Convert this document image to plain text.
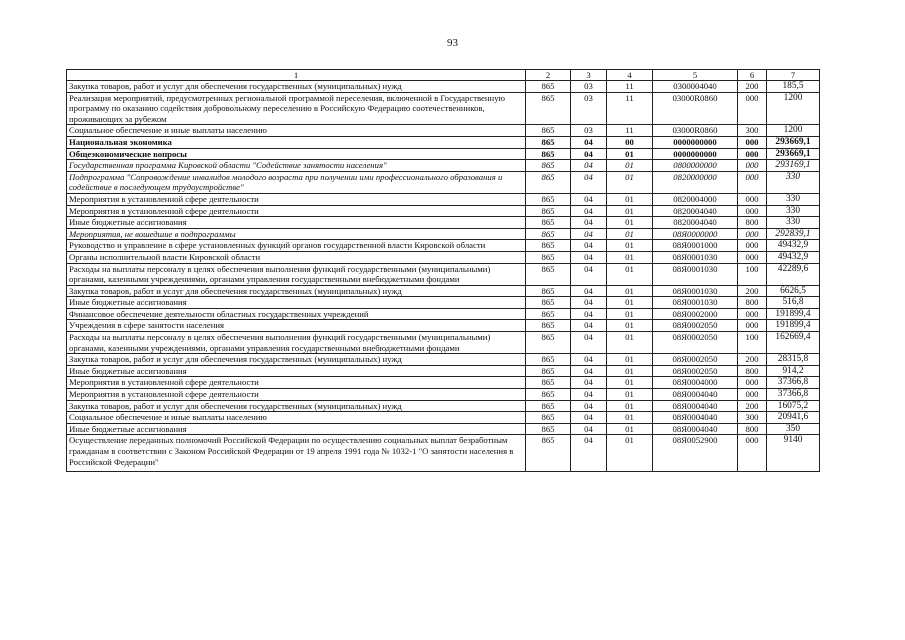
93
1	2	3	4	5	6	7
Закупка товаров, работ и услуг для обеспечения государственных (муниципальных) нужд	865	03	11	0300004040	200	185,5
Реализация мероприятий, предусмотренных региональной программой переселения, включенной в Государственную программу по оказанию содействия добровольному переселению в Российскую Федерацию соотечественников, проживающих за рубежом	865	03	11	03000R0860	000	1200
Социальное обеспечение и иные выплаты населению	865	03	11	03000R0860	300	1200
Национальная экономика	865	04	00	0000000000	000	293669,1
Общеэкономические вопросы	865	04	01	0000000000	000	293669,1
Государственная программа Кировской области "Содействие занятости населения"	865	04	01	0800000000	000	293169,1
Подпрограмма "Сопровождение инвалидов молодого возраста при получении ими профессионального образования и содействие в последующем трудоустройстве"	865	04	01	0820000000	000	330
Мероприятия в установленной сфере деятельности	865	04	01	0820004000	000	330
Мероприятия в установленной сфере деятельности	865	04	01	0820004040	000	330
Иные бюджетные ассигнования	865	04	01	0820004040	800	330
Мероприятия, не вошедшие в подпрограммы	865	04	01	08Я0000000	000	292839,1
Руководство и управление в сфере установленных функций органов государственной власти Кировской области	865	04	01	08Я0001000	000	49432,9
Органы исполнительной власти Кировской области	865	04	01	08Я0001030	000	49432,9
Расходы на выплаты персоналу в целях обеспечения выполнения функций государственными (муниципальными) органами, казенными учреждениями, органами управления государственными внебюджетными фондами	865	04	01	08Я0001030	100	42289,6
Закупка товаров, работ и услуг для обеспечения государственных (муниципальных) нужд	865	04	01	08Я0001030	200	6626,5
Иные бюджетные ассигнования	865	04	01	08Я0001030	800	516,8
Финансовое обеспечение деятельности областных государственных учреждений	865	04	01	08Я0002000	000	191899,4
Учреждения в сфере занятости населения	865	04	01	08Я0002050	000	191899,4
Расходы на выплаты персоналу в целях обеспечения выполнения функций государственными (муниципальными) органами, казенными учреждениями, органами управления государственными внебюджетными фондами	865	04	01	08Я0002050	100	162669,4
Закупка товаров, работ и услуг для обеспечения государственных (муниципальных) нужд	865	04	01	08Я0002050	200	28315,8
Иные бюджетные ассигнования	865	04	01	08Я0002050	800	914,2
Мероприятия в установленной сфере деятельности	865	04	01	08Я0004000	000	37366,8
Мероприятия в установленной сфере деятельности	865	04	01	08Я0004040	000	37366,8
Закупка товаров, работ и услуг для обеспечения государственных (муниципальных) нужд	865	04	01	08Я0004040	200	16075,2
Социальное обеспечение и иные выплаты населению	865	04	01	08Я0004040	300	20941,6
Иные бюджетные ассигнования	865	04	01	08Я0004040	800	350
Осуществление переданных полномочий Российской Федерации по осуществлению социальных выплат безработным гражданам в соответствии с Законом Российской Федерации от 19 апреля 1991 года № 1032-1 "О занятости населения в Российской Федерации"	865	04	01	08Я0052900	000	9140
